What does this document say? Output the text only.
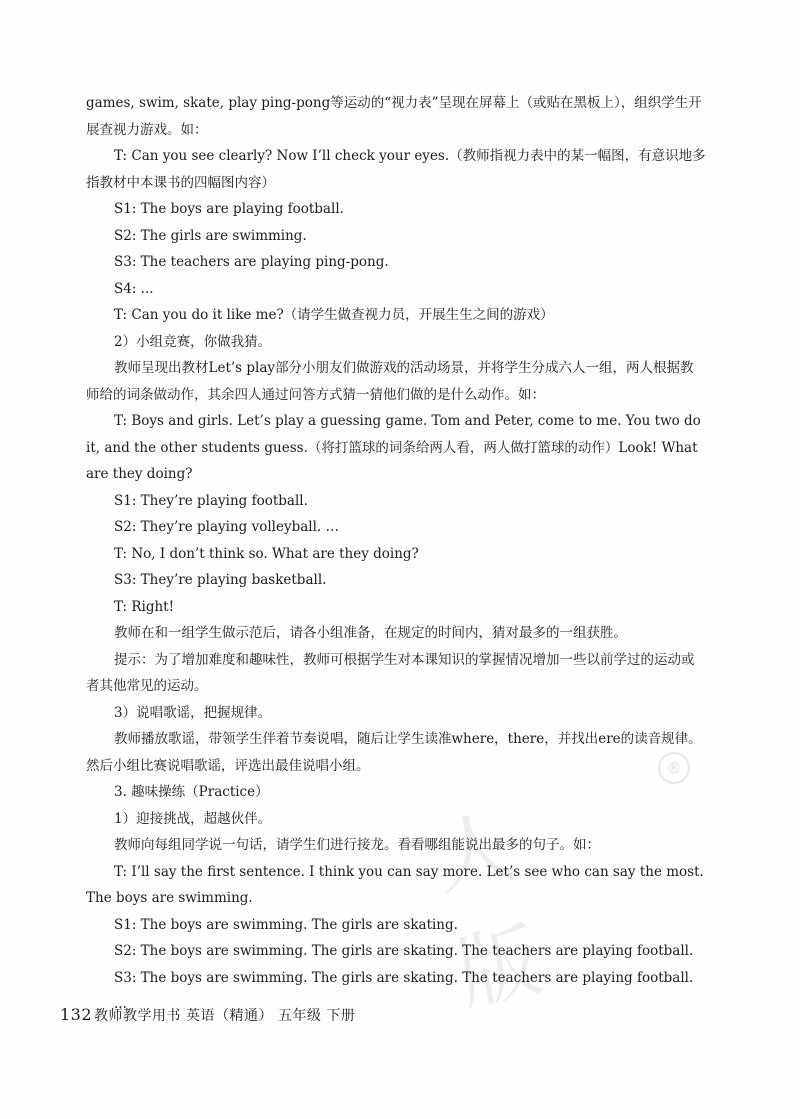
人 版
®

games, swim, skate, play ping-pong等运动的“视力表”呈现在屏幕上（或贴在黑板上），组织学生开展查视力游戏。如：

T: Can you see clearly? Now I’ll check your eyes.（教师指视力表中的某一幅图，有意识地多指教材中本课书的四幅图内容）

S1: The boys are playing football.

S2: The girls are swimming.

S3: The teachers are playing ping-pong.

S4: ...

T: Can you do it like me?（请学生做查视力员，开展生生之间的游戏）

2）小组竞赛，你做我猜。

教师呈现出教材Let’s play部分小朋友们做游戏的活动场景，并将学生分成六人一组，两人根据教师给的词条做动作，其余四人通过问答方式猜一猜他们做的是什么动作。如：

T: Boys and girls. Let’s play a guessing game. Tom and Peter, come to me. You two do it, and the other students guess.（将打篮球的词条给两人看，两人做打篮球的动作）Look! What are they doing?

S1: They’re playing football.

S2: They’re playing volleyball. …

T: No, I don’t think so. What are they doing?

S3: They’re playing basketball.

T: Right!

教师在和一组学生做示范后，请各小组准备，在规定的时间内，猜对最多的一组获胜。

提示：为了增加难度和趣味性，教师可根据学生对本课知识的掌握情况增加一些以前学过的运动或者其他常见的运动。

3）说唱歌谣，把握规律。

教师播放歌谣，带领学生伴着节奏说唱，随后让学生读准where，there，并找出ere的读音规律。然后小组比赛说唱歌谣，评选出最佳说唱小组。

3. 趣味操练（Practice）

1）迎接挑战，超越伙伴。

教师向每组同学说一句话，请学生们进行接龙。看看哪组能说出最多的句子。如：

T: I’ll say the first sentence. I think you can say more. Let’s see who can say the most. The boys are swimming.

S1: The boys are swimming. The girls are skating.

S2: The boys are swimming. The girls are skating. The teachers are playing football.

S3: The boys are swimming. The girls are skating. The teachers are playing football.

...

132 教师教学用书 英语（精通） 五年级 下册
